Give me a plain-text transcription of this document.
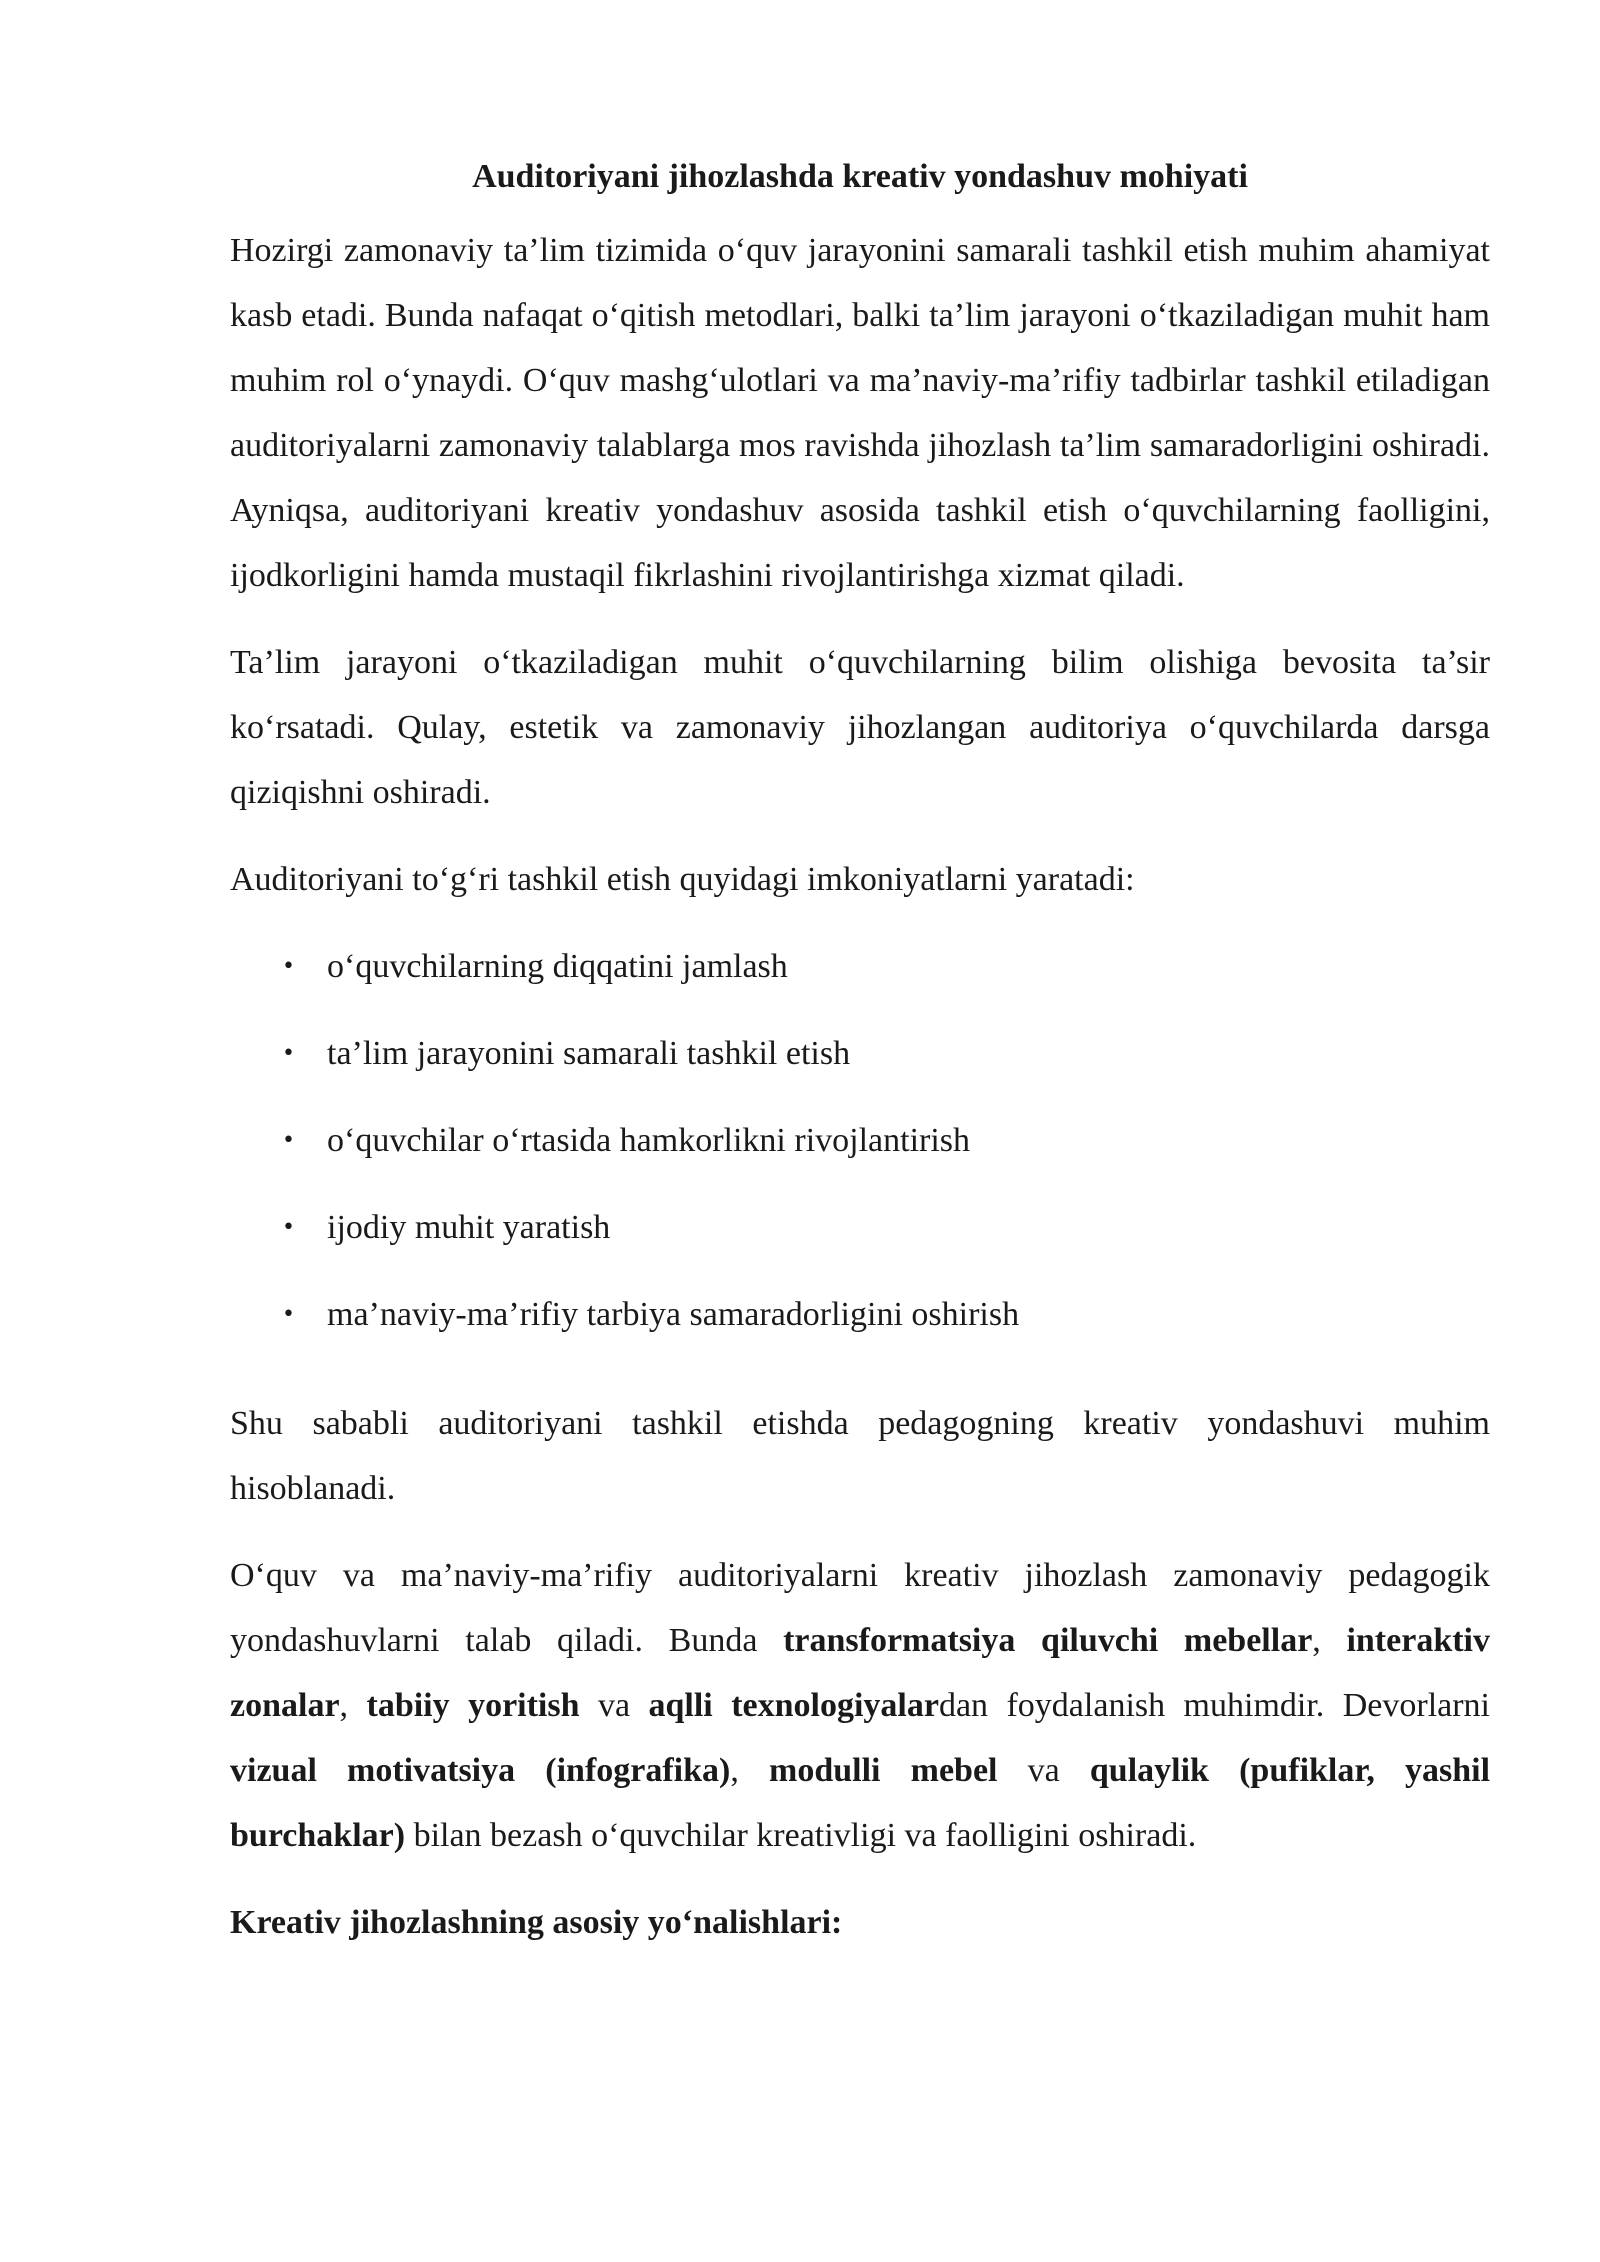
Auditoriyani jihozlashda kreativ yondashuv mohiyati

Hozirgi zamonaviy ta’lim tizimida o‘quv jarayonini samarali tashkil etish muhim ahamiyat kasb etadi. Bunda nafaqat o‘qitish metodlari, balki ta’lim jarayoni o‘tkaziladigan muhit ham muhim rol o‘ynaydi. O‘quv mashg‘ulotlari va ma’naviy-ma’rifiy tadbirlar tashkil etiladigan auditoriyalarni zamonaviy talablarga mos ravishda jihozlash ta’lim samaradorligini oshiradi. Ayniqsa, auditoriyani kreativ yondashuv asosida tashkil etish o‘quvchilarning faolligini, ijodkorligini hamda mustaqil fikrlashini rivojlantirishga xizmat qiladi.

Ta’lim jarayoni o‘tkaziladigan muhit o‘quvchilarning bilim olishiga bevosita ta’sir ko‘rsatadi. Qulay, estetik va zamonaviy jihozlangan auditoriya o‘quvchilarda darsga qiziqishni oshiradi.

Auditoriyani to‘g‘ri tashkil etish quyidagi imkoniyatlarni yaratadi:

• o‘quvchilarning diqqatini jamlash
• ta’lim jarayonini samarali tashkil etish
• o‘quvchilar o‘rtasida hamkorlikni rivojlantirish
• ijodiy muhit yaratish
• ma’naviy-ma’rifiy tarbiya samaradorligini oshirish

Shu sababli auditoriyani tashkil etishda pedagogning kreativ yondashuvi muhim hisoblanadi.

O‘quv va ma’naviy-ma’rifiy auditoriyalarni kreativ jihozlash zamonaviy pedagogik yondashuvlarni talab qiladi. Bunda transformatsiya qiluvchi mebellar, interaktiv zonalar, tabiiy yoritish va aqlli texnologiyalardan foydalanish muhimdir. Devorlarni vizual motivatsiya (infografika), modulli mebel va qulaylik (pufiklar, yashil burchaklar) bilan bezash o‘quvchilar kreativligi va faolligini oshiradi.

Kreativ jihozlashning asosiy yo‘nalishlari:
